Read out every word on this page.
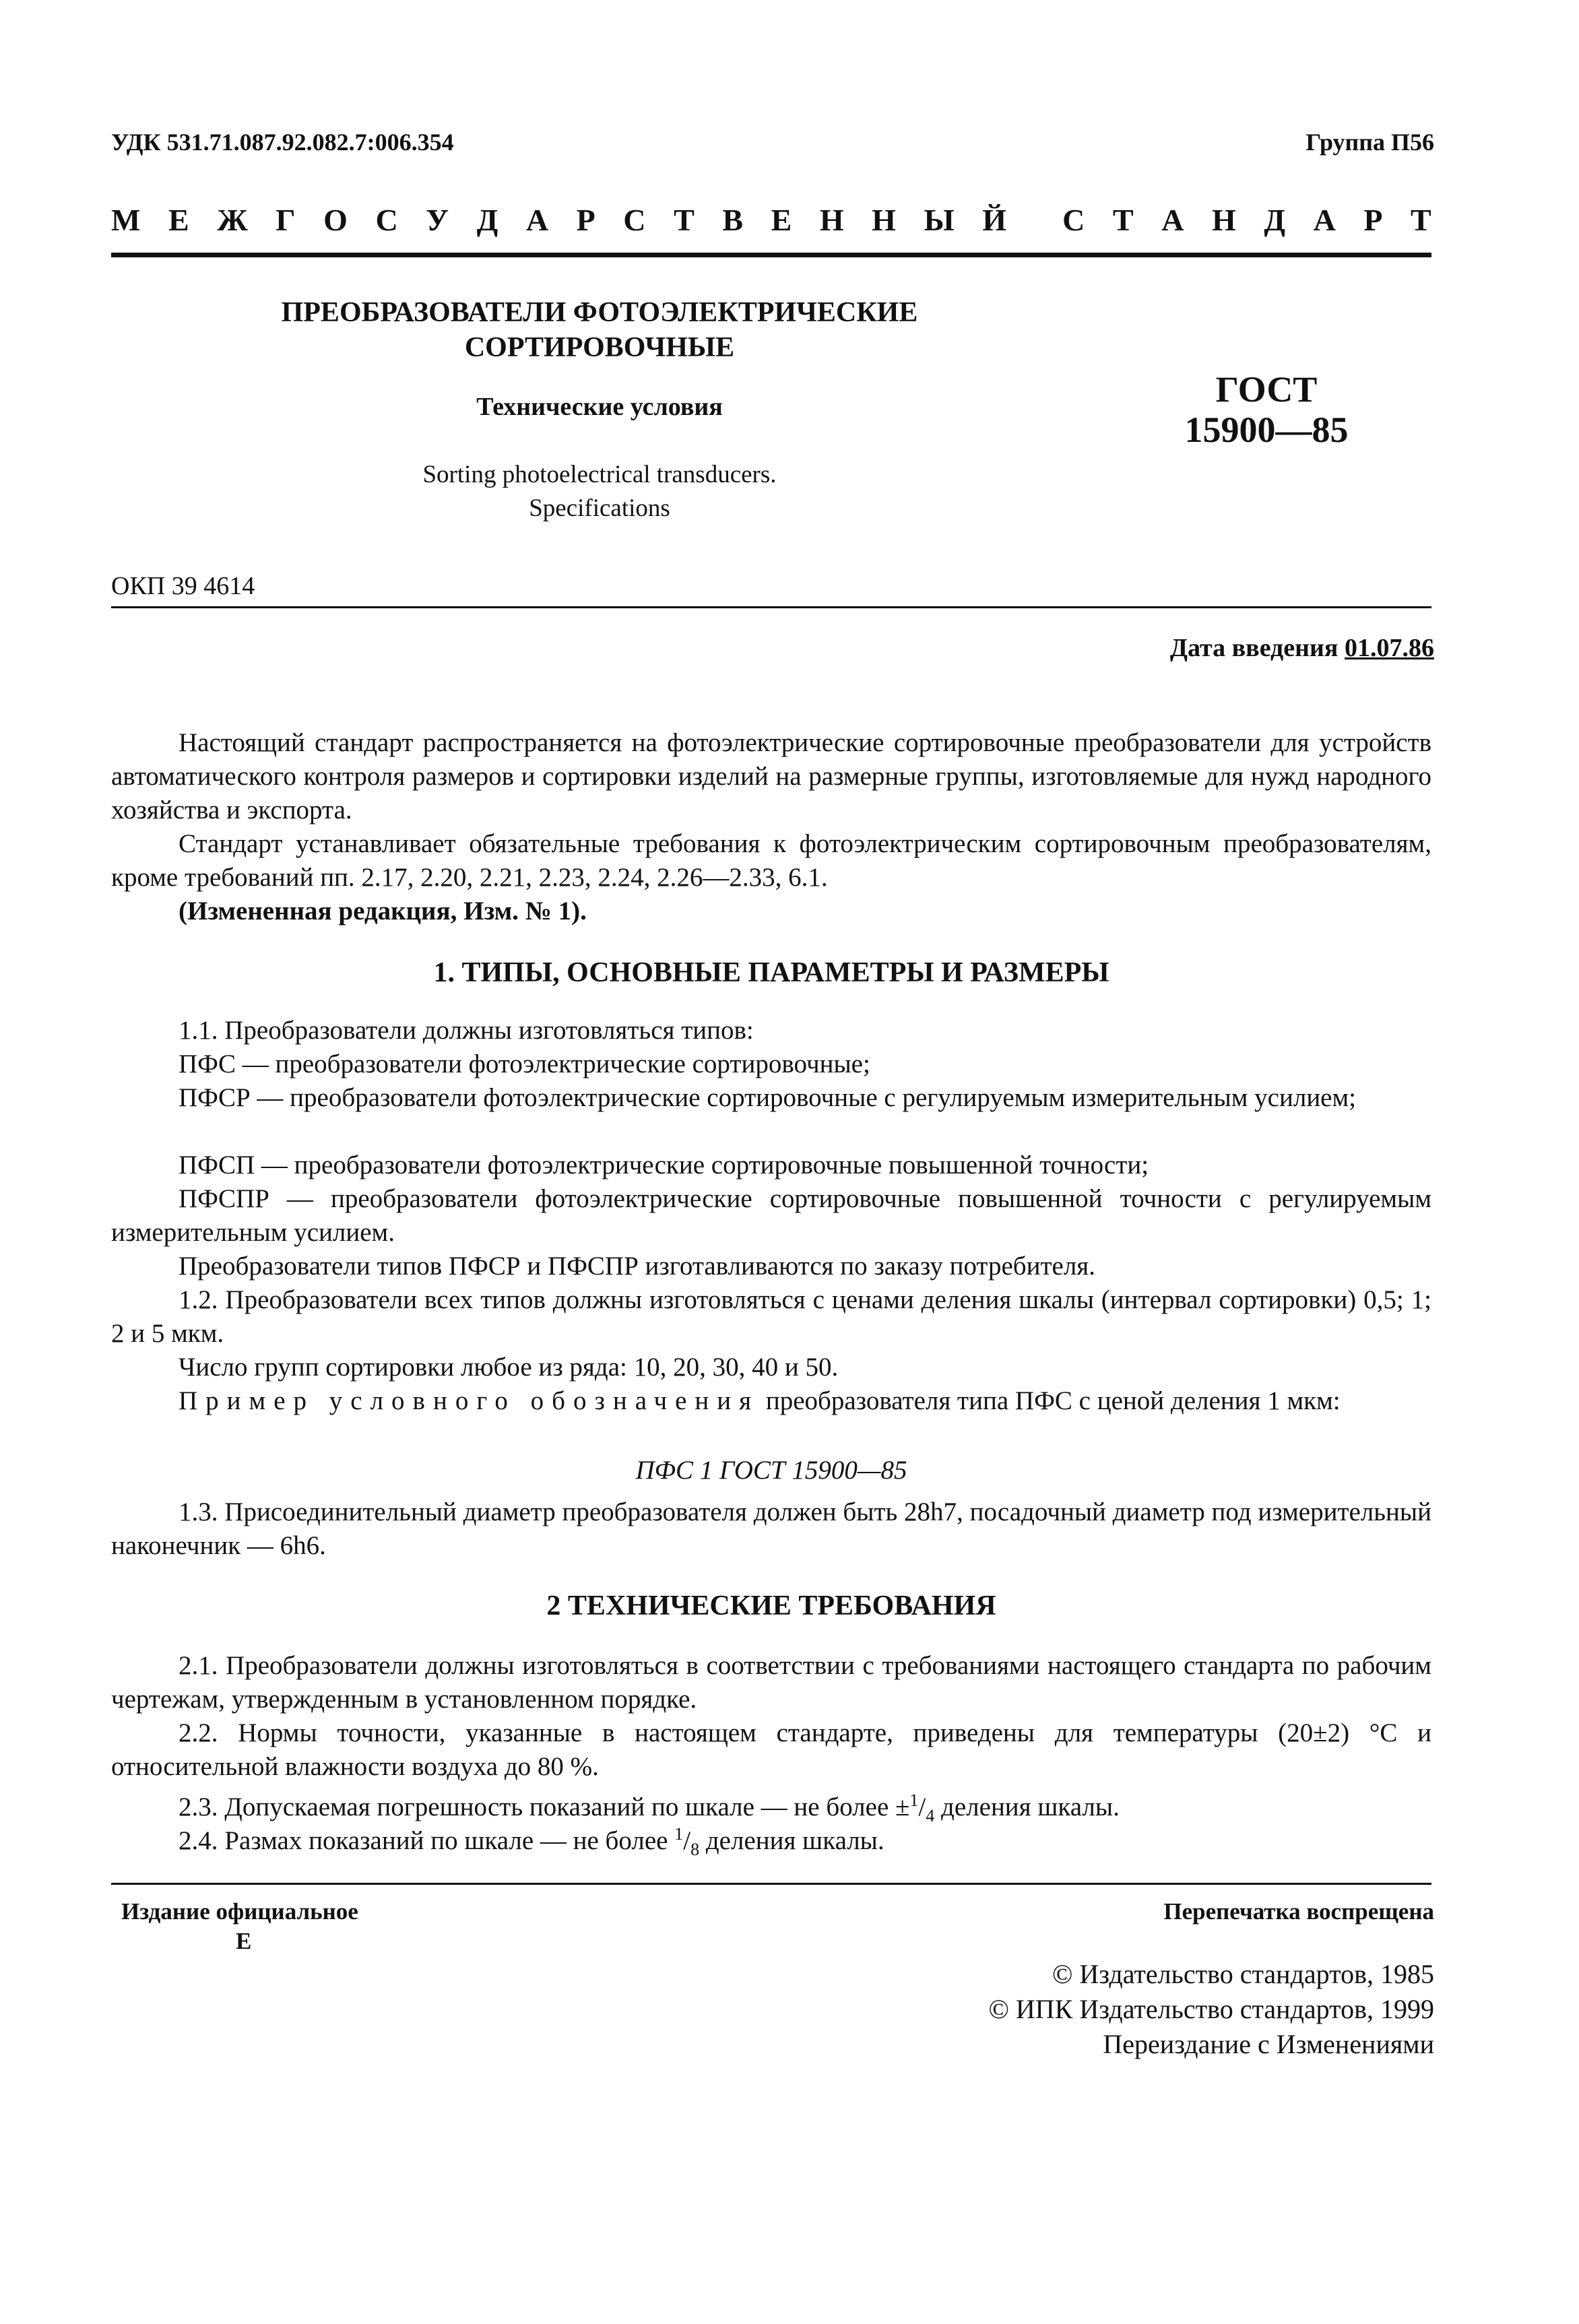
УДК 531.71.087.92.082.7:006.354	Группа П56
М Е Ж Г О С У Д А Р С Т В Е Н Н Ы Й С Т А Н Д А Р Т
ПРЕОБРАЗОВАТЕЛИ ФОТОЭЛЕКТРИЧЕСКИЕ
СОРТИРОВОЧНЫЕ
Технические условия
Sorting photoelectrical transducers.
Specifications
ГОСТ
15900—85
ОКП 39 4614
Дата введения 01.07.86

Настоящий стандарт распространяется на фотоэлектрические сортировочные преобразователи для устройств автоматического контроля размеров и сортировки изделий на размерные группы, изготовляемые для нужд народного хозяйства и экспорта.

Стандарт устанавливает обязательные требования к фотоэлектрическим сортировочным преобразователям, кроме требований пп. 2.17, 2.20, 2.21, 2.23, 2.24, 2.26—2.33, 6.1.

(Измененная редакция, Изм. № 1).

1. ТИПЫ, ОСНОВНЫЕ ПАРАМЕТРЫ И РАЗМЕРЫ

1.1. Преобразователи должны изготовляться типов:

ПФС — преобразователи фотоэлектрические сортировочные;

ПФСР — преобразователи фотоэлектрические сортировочные с регулируемым измерительным усилием;

ПФСП — преобразователи фотоэлектрические сортировочные повышенной точности;

ПФСПР — преобразователи фотоэлектрические сортировочные повышенной точности с регулируемым измерительным усилием.

Преобразователи типов ПФСР и ПФСПР изготавливаются по заказу потребителя.

1.2. Преобразователи всех типов должны изготовляться с ценами деления шкалы (интервал сортировки) 0,5; 1; 2 и 5 мкм.

Число групп сортировки любое из ряда: 10, 20, 30, 40 и 50.

Пример условного обозначения преобразователя типа ПФС с ценой деления 1 мкм:

ПФС 1 ГОСТ 15900—85

1.3. Присоединительный диаметр преобразователя должен быть 28h7, посадочный диаметр под измерительный наконечник — 6h6.

2 ТЕХНИЧЕСКИЕ ТРЕБОВАНИЯ

2.1. Преобразователи должны изготовляться в соответствии с требованиями настоящего стандарта по рабочим чертежам, утвержденным в установленном порядке.

2.2. Нормы точности, указанные в настоящем стандарте, приведены для температуры (20±2) °С и относительной влажности воздуха до 80 %.

2.3. Допускаемая погрешность показаний по шкале — не более $\pm^1/_4$ деления шкалы.

2.4. Размах показаний по шкале — не более $^1/_8$ деления шкалы.

Издание официальное
Е
Перепечатка воспрещена
© Издательство стандартов, 1985
© ИПК Издательство стандартов, 1999
Переиздание с Изменениями
